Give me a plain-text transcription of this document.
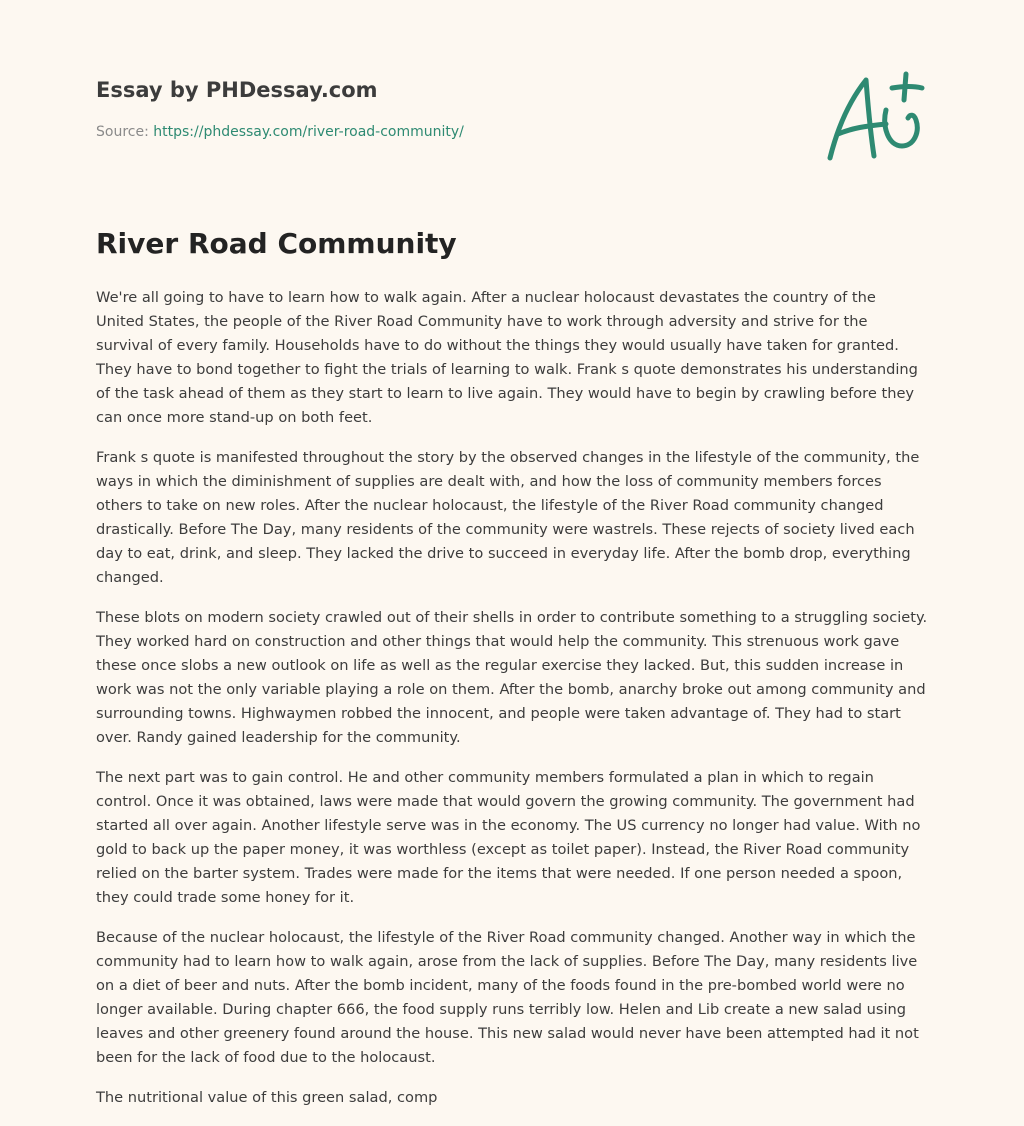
Essay by PHDessay.com
Source: https://phdessay.com/river-road-community/
River Road Community

We're all going to have to learn how to walk again. After a nuclear holocaust devastates the country of the United States, the people of the River Road Community have to work through adversity and strive for the survival of every family. Households have to do without the things they would usually have taken for granted. They have to bond together to fight the trials of learning to walk. Frank s quote demonstrates his understanding of the task ahead of them as they start to learn to live again. They would have to begin by crawling before they can once more stand-up on both feet.

Frank s quote is manifested throughout the story by the observed changes in the lifestyle of the community, the ways in which the diminishment of supplies are dealt with, and how the loss of community members forces others to take on new roles. After the nuclear holocaust, the lifestyle of the River Road community changed drastically. Before The Day, many residents of the community were wastrels. These rejects of society lived each day to eat, drink, and sleep. They lacked the drive to succeed in everyday life. After the bomb drop, everything changed.

These blots on modern society crawled out of their shells in order to contribute something to a struggling society. They worked hard on construction and other things that would help the community. This strenuous work gave these once slobs a new outlook on life as well as the regular exercise they lacked. But, this sudden increase in work was not the only variable playing a role on them. After the bomb, anarchy broke out among community and surrounding towns. Highwaymen robbed the innocent, and people were taken advantage of. They had to start over. Randy gained leadership for the community.

The next part was to gain control. He and other community members formulated a plan in which to regain control. Once it was obtained, laws were made that would govern the growing community. The government had started all over again. Another lifestyle serve was in the economy. The US currency no longer had value. With no gold to back up the paper money, it was worthless (except as toilet paper). Instead, the River Road community relied on the barter system. Trades were made for the items that were needed. If one person needed a spoon, they could trade some honey for it.

Because of the nuclear holocaust, the lifestyle of the River Road community changed. Another way in which the community had to learn how to walk again, arose from the lack of supplies. Before The Day, many residents live on a diet of beer and nuts. After the bomb incident, many of the foods found in the pre-bombed world were no longer available. During chapter 666, the food supply runs terribly low. Helen and Lib create a new salad using leaves and other greenery found around the house. This new salad would never have been attempted had it not been for the lack of food due to the holocaust.

The nutritional value of this green salad, comp
